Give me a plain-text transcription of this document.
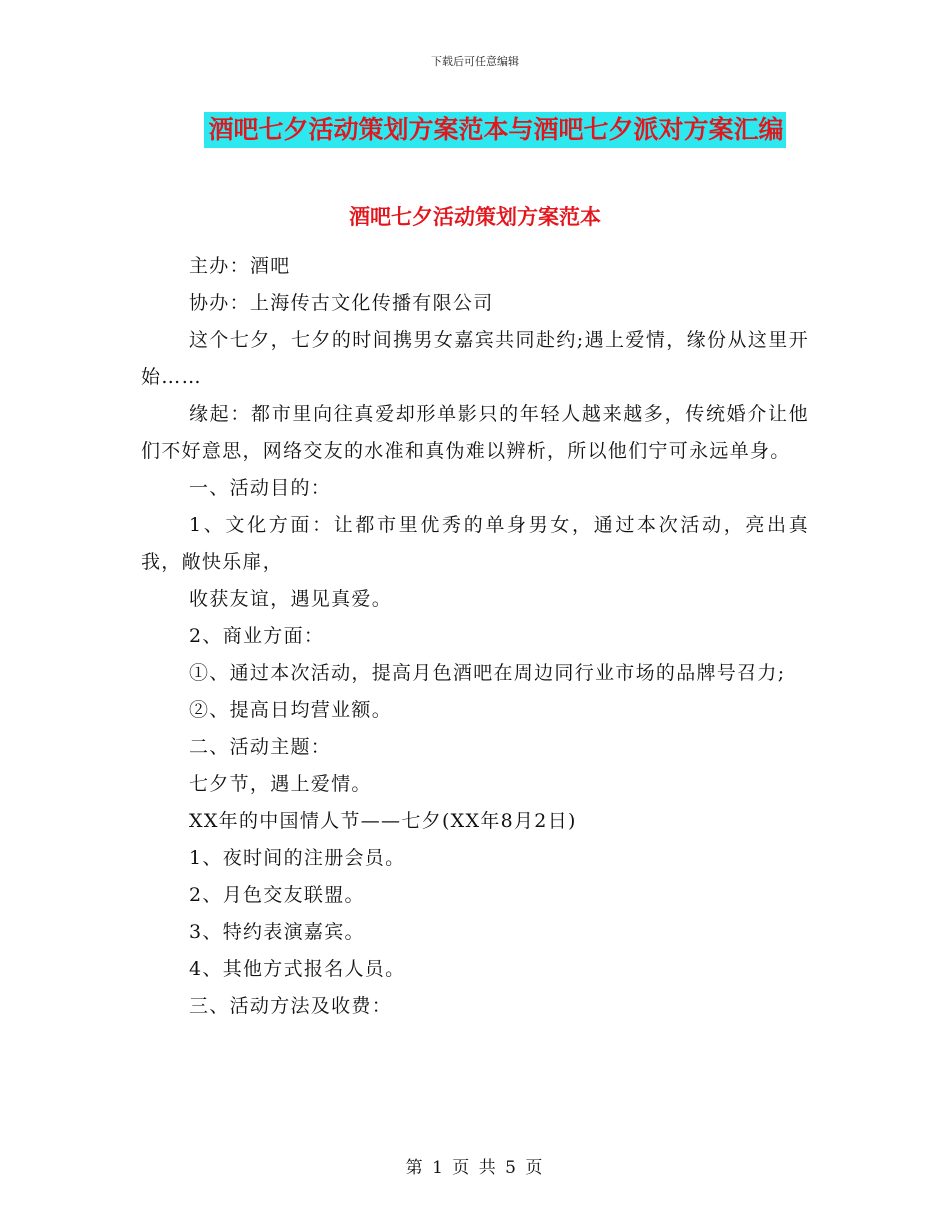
下载后可任意编辑
酒吧七夕活动策划方案范本与酒吧七夕派对方案汇编
酒吧七夕活动策划方案范本

主办：酒吧

协办：上海传古文化传播有限公司

这个七夕，七夕的时间携男女嘉宾共同赴约;遇上爱情，缘份从这里开始……

缘起：都市里向往真爱却形单影只的年轻人越来越多，传统婚介让他们不好意思，网络交友的水准和真伪难以辨析，所以他们宁可永远单身。

一、活动目的：

1、文化方面：让都市里优秀的单身男女，通过本次活动，亮出真我，敞快乐扉，

收获友谊，遇见真爱。

2、商业方面：

①、通过本次活动，提高月色酒吧在周边同行业市场的品牌号召力;

②、提高日均营业额。

二、活动主题：

七夕节，遇上爱情。

XX年的中国情人节——七夕(XX年8月2日)

1、夜时间的注册会员。

2、月色交友联盟。

3、特约表演嘉宾。

4、其他方式报名人员。

三、活动方法及收费：

第 1 页 共 5 页
